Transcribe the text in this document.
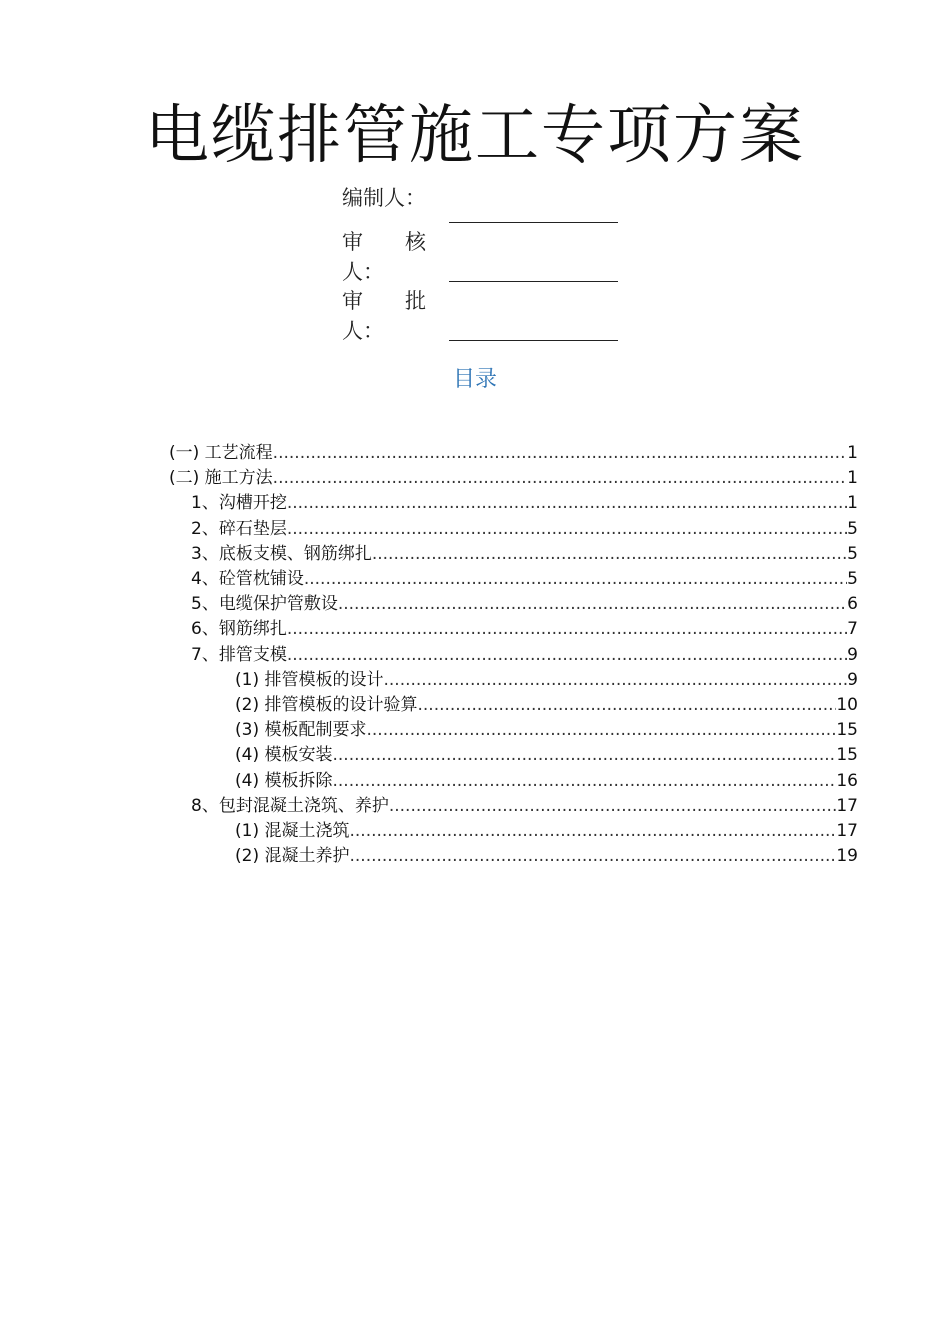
电缆排管施工专项方案
编制人：
审　　核
人：
审　　批
人：
目录
(一) 工艺流程 .....	1
(二) 施工方法 .....	1
1、沟槽开挖 .....	1
2、碎石垫层 .....	5
3、底板支模、钢筋绑扎 .....	5
4、砼管枕铺设 .....	5
5、电缆保护管敷设 .....	6
6、钢筋绑扎 .....	7
7、排管支模 .....	9
(1) 排管模板的设计 .....	9
(2) 排管模板的设计验算 .....	10
(3) 模板配制要求 .....	15
(4) 模板安装 .....	15
(4) 模板拆除 .....	16
8、包封混凝土浇筑、养护 .....	17
(1) 混凝土浇筑 .....	17
(2) 混凝土养护 .....	19
